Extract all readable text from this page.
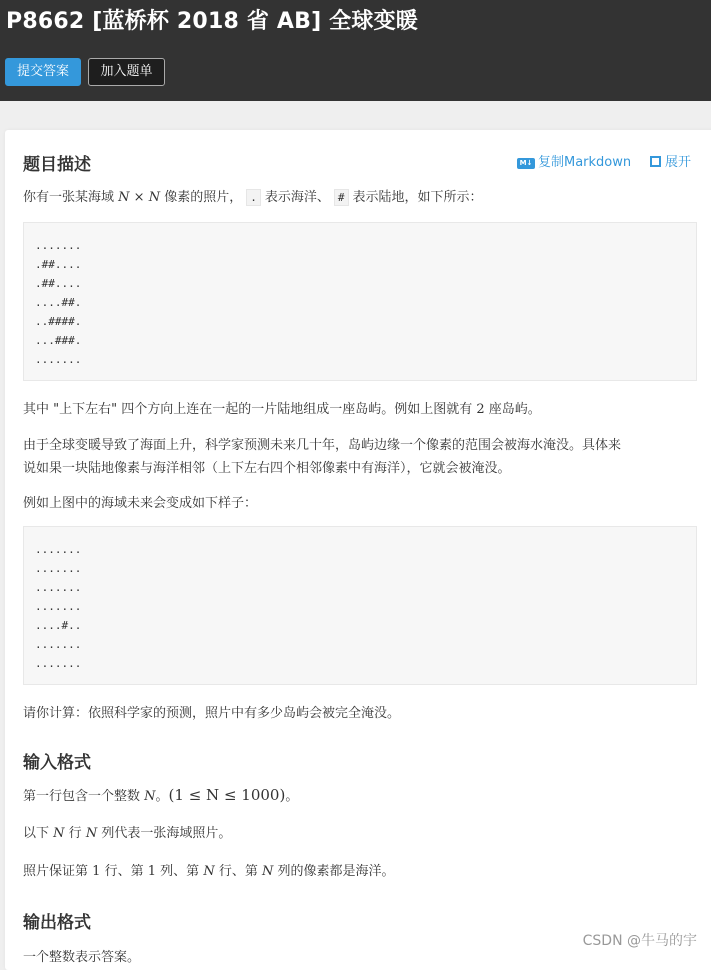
P8662 [蓝桥杯 2018 省 AB] 全球变暖
提交答案	加入题单
题目描述	M↓ 复制Markdown	展开
你有一张某海域 N × N 像素的照片， . 表示海洋、 # 表示陆地，如下所示：
.......
.##....
.##....
....##.
..####.
...###.
.......
其中 "上下左右" 四个方向上连在一起的一片陆地组成一座岛屿。例如上图就有 2 座岛屿。
由于全球变暖导致了海面上升，科学家预测未来几十年，岛屿边缘一个像素的范围会被海水淹没。具体来
说如果一块陆地像素与海洋相邻（上下左右四个相邻像素中有海洋），它就会被淹没。
例如上图中的海域未来会变成如下样子：
.......
.......
.......
.......
....#..
.......
.......
请你计算：依照科学家的预测，照片中有多少岛屿会被完全淹没。
输入格式
第一行包含一个整数 N。(1 ≤ N ≤ 1000)。
以下 N 行 N 列代表一张海域照片。
照片保证第 1 行、第 1 列、第 N 行、第 N 列的像素都是海洋。
输出格式
一个整数表示答案。
CSDN @牛马的宇
